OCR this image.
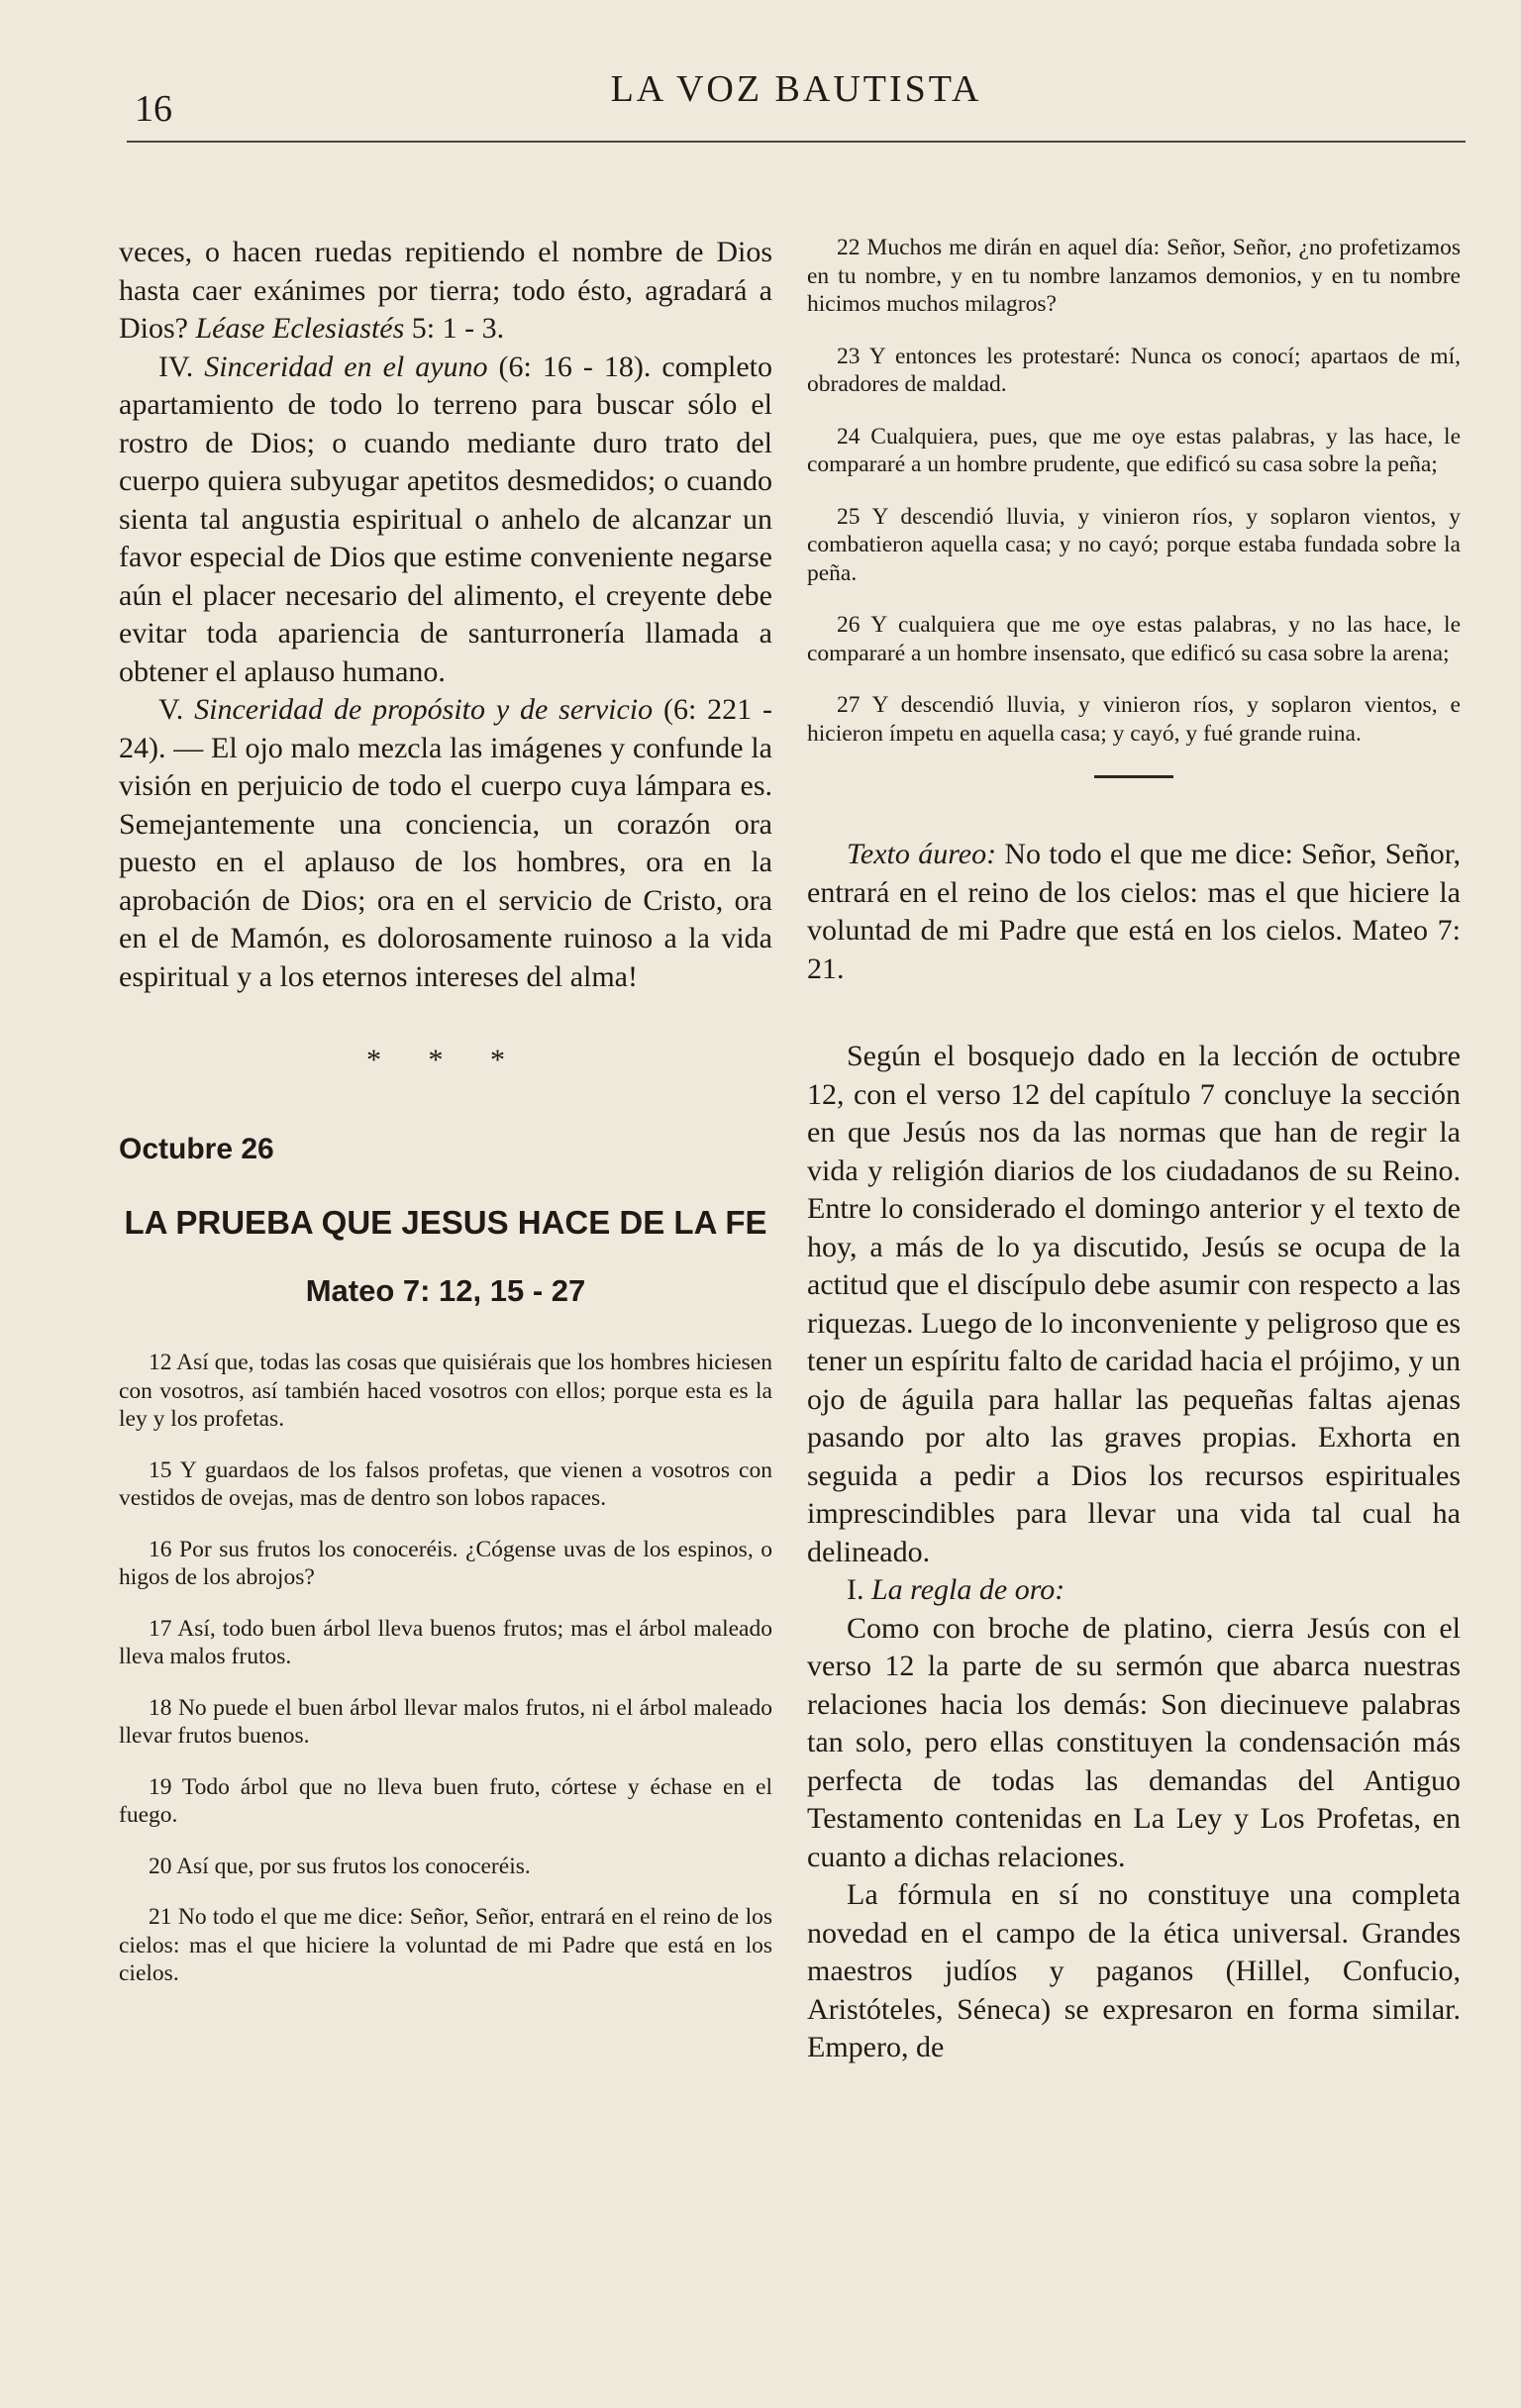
16	LA VOZ BAUTISTA

veces, o hacen ruedas repitiendo el nombre de Dios hasta caer exánimes por tierra; todo ésto, agradará a Dios? Léase Eclesiastés 5: 1 - 3.

IV. Sinceridad en el ayuno (6: 16 - 18). completo apartamiento de todo lo terreno para buscar sólo el rostro de Dios; o cuando mediante duro trato del cuerpo quiera subyugar apetitos desmedidos; o cuando sienta tal angustia espiritual o anhelo de alcanzar un favor especial de Dios que estime conveniente negarse aún el placer necesario del alimento, el creyente debe evitar toda apariencia de santurronería llamada a obtener el aplauso humano.

V. Sinceridad de propósito y de servicio (6: 221 - 24). — El ojo malo mezcla las imágenes y confunde la visión en perjuicio de todo el cuerpo cuya lámpara es. Semejantemente una conciencia, un corazón ora puesto en el aplauso de los hombres, ora en la aprobación de Dios; ora en el servicio de Cristo, ora en el de Mamón, es dolorosamente ruinoso a la vida espiritual y a los eternos intereses del alma!

* * *
Octubre 26
LA PRUEBA QUE JESUS HACE DE LA FE
Mateo 7: 12, 15 - 27

12 Así que, todas las cosas que quisiérais que los hombres hiciesen con vosotros, así también haced vosotros con ellos; porque esta es la ley y los profetas.

15 Y guardaos de los falsos profetas, que vienen a vosotros con vestidos de ovejas, mas de dentro son lobos rapaces.

16 Por sus frutos los conoceréis. ¿Cógense uvas de los espinos, o higos de los abrojos?

17 Así, todo buen árbol lleva buenos frutos; mas el árbol maleado lleva malos frutos.

18 No puede el buen árbol llevar malos frutos, ni el árbol maleado llevar frutos buenos.

19 Todo árbol que no lleva buen fruto, córtese y échase en el fuego.

20 Así que, por sus frutos los conoceréis.

21 No todo el que me dice: Señor, Señor, entrará en el reino de los cielos: mas el que hiciere la voluntad de mi Padre que está en los cielos.

22 Muchos me dirán en aquel día: Señor, Señor, ¿no profetizamos en tu nombre, y en tu nombre lanzamos demonios, y en tu nombre hicimos muchos milagros?

23 Y entonces les protestaré: Nunca os conocí; apartaos de mí, obradores de maldad.

24 Cualquiera, pues, que me oye estas palabras, y las hace, le compararé a un hombre prudente, que edificó su casa sobre la peña;

25 Y descendió lluvia, y vinieron ríos, y soplaron vientos, y combatieron aquella casa; y no cayó; porque estaba fundada sobre la peña.

26 Y cualquiera que me oye estas palabras, y no las hace, le compararé a un hombre insensato, que edificó su casa sobre la arena;

27 Y descendió lluvia, y vinieron ríos, y soplaron vientos, e hicieron ímpetu en aquella casa; y cayó, y fué grande ruina.

Texto áureo: No todo el que me dice: Señor, Señor, entrará en el reino de los cielos: mas el que hiciere la voluntad de mi Padre que está en los cielos. Mateo 7: 21.

Según el bosquejo dado en la lección de octubre 12, con el verso 12 del capítulo 7 concluye la sección en que Jesús nos da las normas que han de regir la vida y religión diarios de los ciudadanos de su Reino. Entre lo considerado el domingo anterior y el texto de hoy, a más de lo ya discutido, Jesús se ocupa de la actitud que el discípulo debe asumir con respecto a las riquezas. Luego de lo inconveniente y peligroso que es tener un espíritu falto de caridad hacia el prójimo, y un ojo de águila para hallar las pequeñas faltas ajenas pasando por alto las graves propias. Exhorta en seguida a pedir a Dios los recursos espirituales imprescindibles para llevar una vida tal cual ha delineado.

I. La regla de oro:

Como con broche de platino, cierra Jesús con el verso 12 la parte de su sermón que abarca nuestras relaciones hacia los demás: Son diecinueve palabras tan solo, pero ellas constituyen la condensación más perfecta de todas las demandas del Antiguo Testamento contenidas en La Ley y Los Profetas, en cuanto a dichas relaciones.

La fórmula en sí no constituye una completa novedad en el campo de la ética universal. Grandes maestros judíos y paganos (Hillel, Confucio, Aristóteles, Séneca) se expresaron en forma similar. Empero, de
